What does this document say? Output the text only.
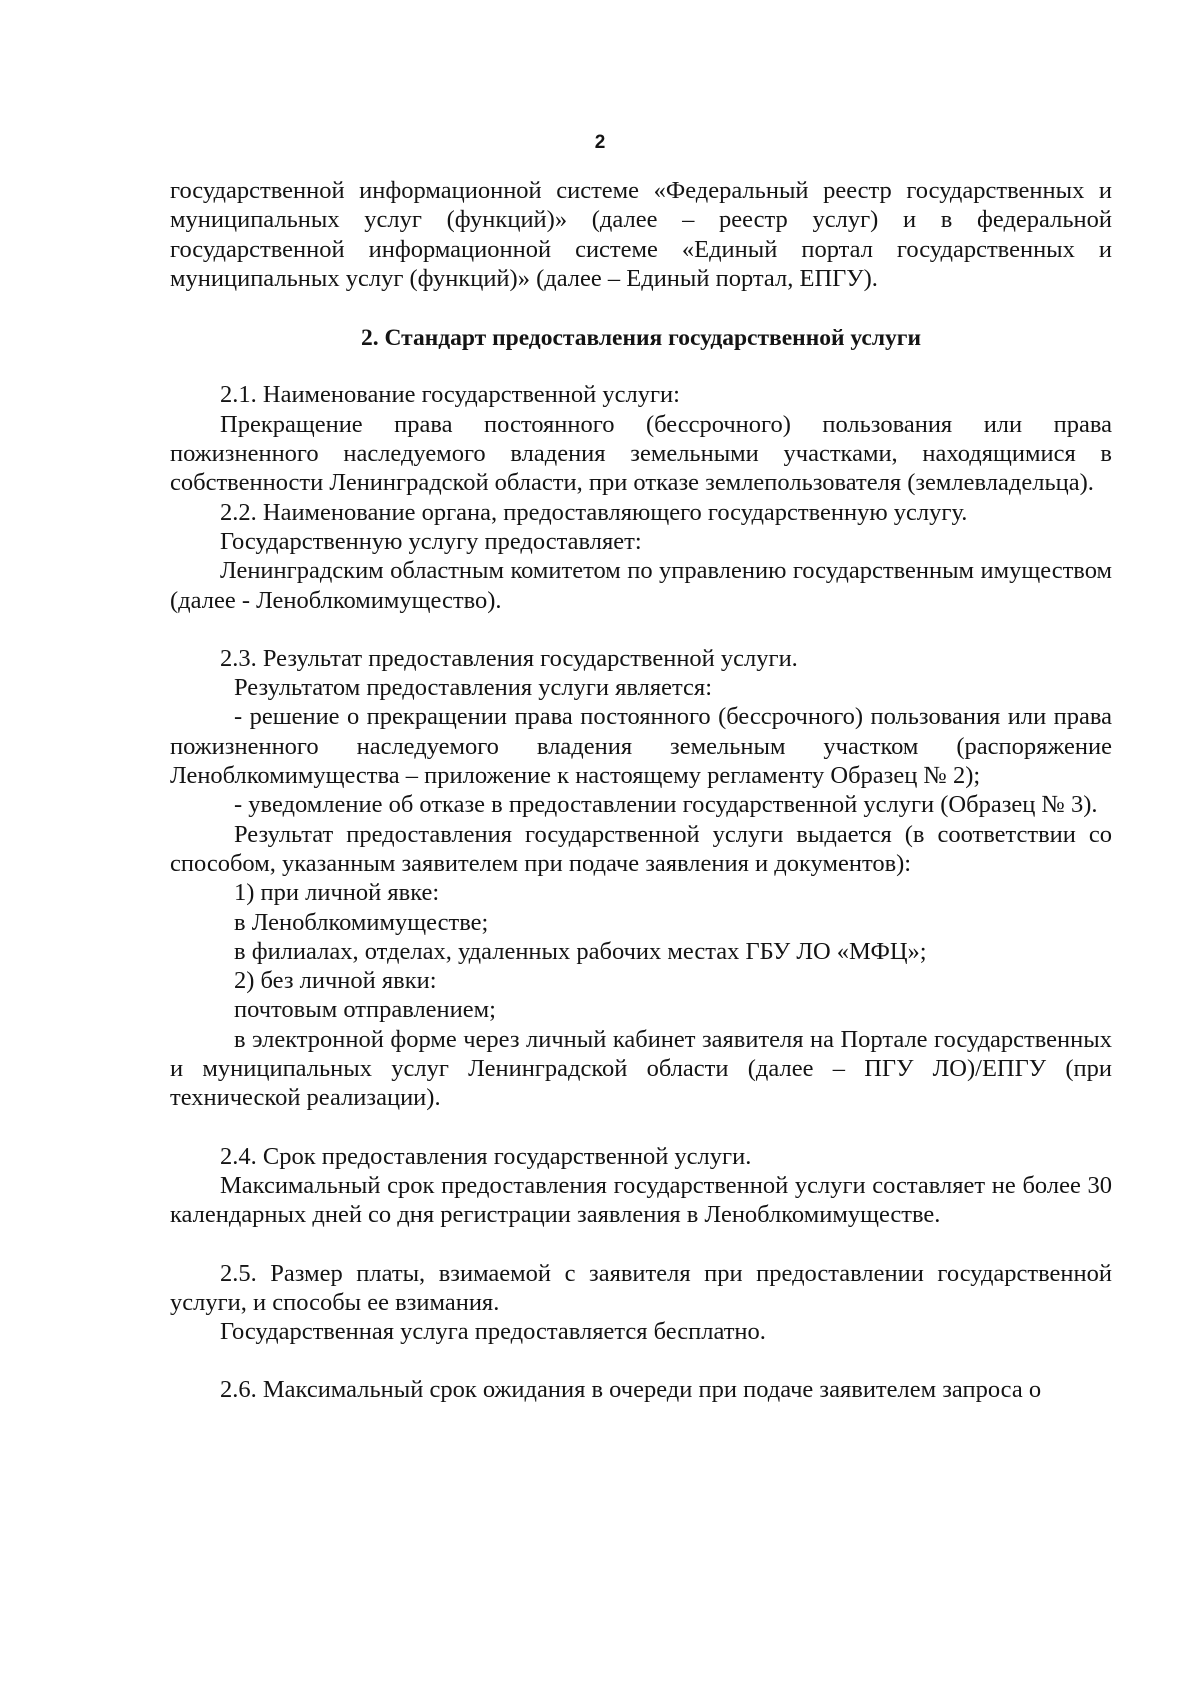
2

государственной информационной системе «Федеральный реестр государственных и муниципальных услуг (функций)» (далее – реестр услуг) и в федеральной государственной информационной системе «Единый портал государственных и муниципальных услуг (функций)» (далее – Единый портал, ЕПГУ).

2. Стандарт предоставления государственной услуги

2.1. Наименование государственной услуги:

Прекращение права постоянного (бессрочного) пользования или права пожизненного наследуемого владения земельными участками, находящимися в собственности Ленинградской области, при отказе землепользователя (землевладельца).

2.2. Наименование органа, предоставляющего государственную услугу.

Государственную услугу предоставляет:

Ленинградским областным комитетом по управлению государственным имуществом (далее - Леноблкомимущество).

2.3. Результат предоставления государственной услуги.

Результатом предоставления услуги является:

- решение о прекращении права постоянного (бессрочного) пользования или права пожизненного наследуемого владения земельным участком (распоряжение Леноблкомимущества – приложение к настоящему регламенту Образец № 2);

- уведомление об отказе в предоставлении государственной услуги (Образец № 3).

Результат предоставления государственной услуги выдается (в соответствии со способом, указанным заявителем при подаче заявления и документов):

1) при личной явке:

в Леноблкомимуществе;

в филиалах, отделах, удаленных рабочих местах ГБУ ЛО «МФЦ»;

2) без личной явки:

почтовым отправлением;

в электронной форме через личный кабинет заявителя на Портале государственных и муниципальных услуг Ленинградской области (далее – ПГУ ЛО)/ЕПГУ (при технической реализации).

2.4. Срок предоставления государственной услуги.

Максимальный срок предоставления государственной услуги составляет не более 30 календарных дней со дня регистрации заявления в Леноблкомимуществе.

2.5. Размер платы, взимаемой с заявителя при предоставлении государственной услуги, и способы ее взимания.

Государственная услуга предоставляется бесплатно.

2.6. Максимальный срок ожидания в очереди при подаче заявителем запроса о
